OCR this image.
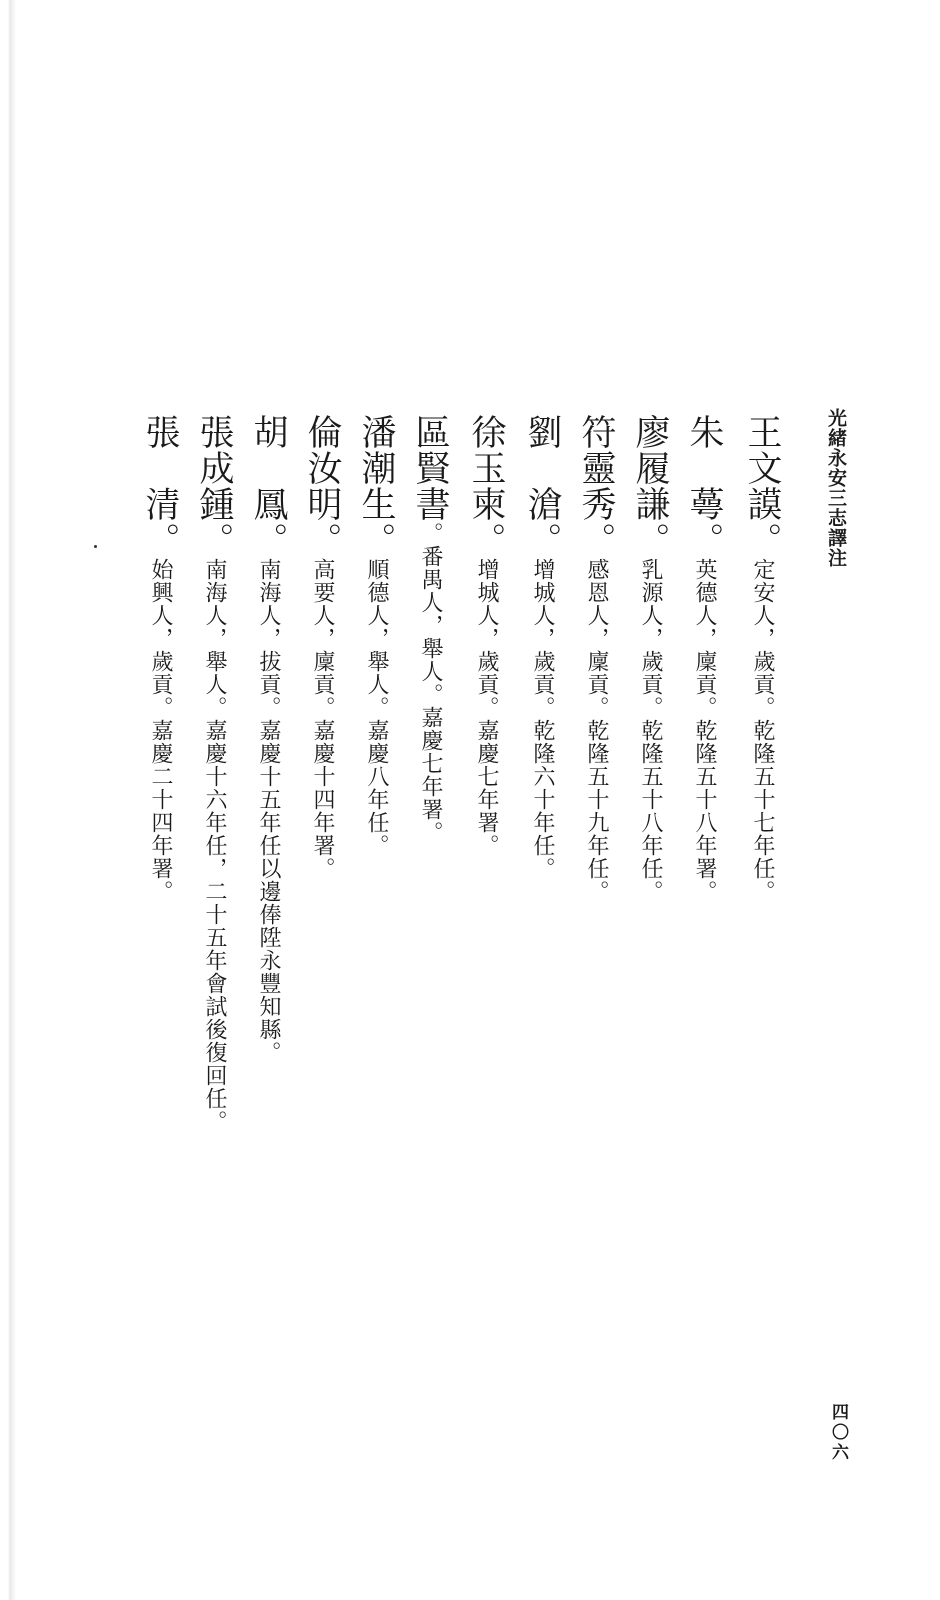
光緒永安三志譯注
王文謨。定安人，歲貢。乾隆五十七年任。
朱　蕚。英德人，廩貢。乾隆五十八年署。
廖履謙。乳源人，歲貢。乾隆五十八年任。
符靈秀。感恩人，廩貢。乾隆五十九年任。
劉　滄。增城人，歲貢。乾隆六十年任。
徐玉柬。增城人，歲貢。嘉慶七年署。
區賢書。番禺人，舉人。嘉慶七年署。
潘潮生。順德人，舉人。嘉慶八年任。
倫汝明。高要人，廩貢。嘉慶十四年署。
胡　鳳。南海人，拔貢。嘉慶十五年任以邊俸陞永豐知縣。
張成鍾。南海人，舉人。嘉慶十六年任，二十五年會試後復回任。
張　清。始興人，歲貢。嘉慶二十四年署。
四〇六
